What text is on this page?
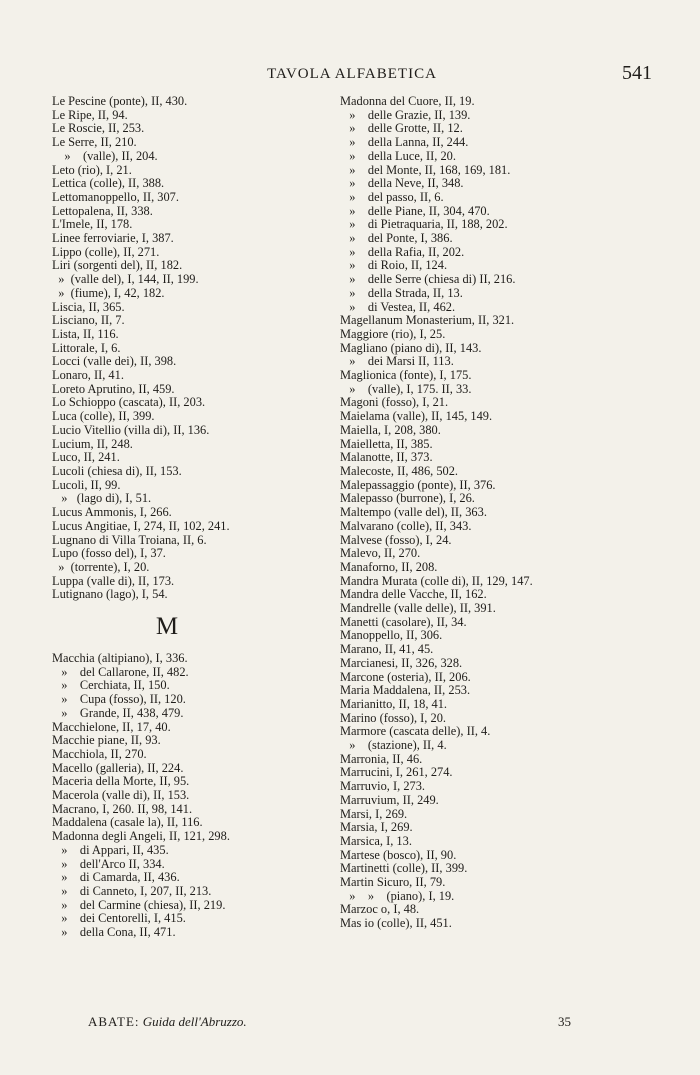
TAVOLA ALFABETICA	541
Le Pescine (ponte), II, 430.
Le Ripe, II, 94.
Le Roscie, II, 253.
Le Serre, II, 210.
»    (valle), II, 204.
Leto (rio), I, 21.
Lettica (colle), II, 388.
Lettomanoppello, II, 307.
Lettopalena, II, 338.
L'Imele, II, 178.
Linee ferroviarie, I, 387.
Lippo (colle), II, 271.
Liri (sorgenti del), II, 182.
»  (valle del), I, 144, II, 199.
»  (fiume), I, 42, 182.
Liscia, II, 365.
Lisciano, II, 7.
Lista, II, 116.
Littorale, I, 6.
Locci (valle dei), II, 398.
Lonaro, II, 41.
Loreto Aprutino, II, 459.
Lo Schioppo (cascata), II, 203.
Luca (colle), II, 399.
Lucio Vitellio (villa di), II, 136.
Lucium, II, 248.
Luco, II, 241.
Lucoli (chiesa di), II, 153.
Lucoli, II, 99.
»   (lago di), I, 51.
Lucus Ammonis, I, 266.
Lucus Angitiae, I, 274, II, 102, 241.
Lugnano di Villa Troiana, II, 6.
Lupo (fosso del), I, 37.
»  (torrente), I, 20.
Luppa (valle di), II, 173.
Lutignano (lago), I, 54.
M
Macchia (altipiano), I, 336.
»    del Callarone, II, 482.
»    Cerchiata, II, 150.
»    Cupa (fosso), II, 120.
»    Grande, II, 438, 479.
Macchielone, II, 17, 40.
Macchie piane, II, 93.
Macchiola, II, 270.
Macello (galleria), II, 224.
Maceria della Morte, II, 95.
Macerola (valle di), II, 153.
Macrano, I, 260. II, 98, 141.
Maddalena (casale la), II, 116.
Madonna degli Angeli, II, 121, 298.
»    di Appari, II, 435.
»    dell'Arco II, 334.
»    di Camarda, II, 436.
»    di Canneto, I, 207, II, 213.
»    del Carmine (chiesa), II, 219.
»    dei Centorelli, I, 415.
»    della Cona, II, 471.
Madonna del Cuore, II, 19.
»    delle Grazie, II, 139.
»    delle Grotte, II, 12.
»    della Lanna, II, 244.
»    della Luce, II, 20.
»    del Monte, II, 168, 169, 181.
»    della Neve, II, 348.
»    del passo, II, 6.
»    delle Piane, II, 304, 470.
»    di Pietraquaria, II, 188, 202.
»    del Ponte, I, 386.
»    della Rafia, II, 202.
»    di Roio, II, 124.
»    delle Serre (chiesa di) II, 216.
»    della Strada, II, 13.
»    di Vestea, II, 462.
Magellanum Monasterium, II, 321.
Maggiore (rio), I, 25.
Magliano (piano di), II, 143.
»    dei Marsi II, 113.
Maglionica (fonte), I, 175.
»    (valle), I, 175. II, 33.
Magoni (fosso), I, 21.
Maielama (valle), II, 145, 149.
Maiella, I, 208, 380.
Maielletta, II, 385.
Malanotte, II, 373.
Malecoste, II, 486, 502.
Malepassaggio (ponte), II, 376.
Malepasso (burrone), I, 26.
Maltempo (valle del), II, 363.
Malvarano (colle), II, 343.
Malvese (fosso), I, 24.
Malevo, II, 270.
Manaforno, II, 208.
Mandra Murata (colle di), II, 129, 147.
Mandra delle Vacche, II, 162.
Mandrelle (valle delle), II, 391.
Manetti (casolare), II, 34.
Manoppello, II, 306.
Marano, II, 41, 45.
Marcianesi, II, 326, 328.
Marcone (osteria), II, 206.
Maria Maddalena, II, 253.
Marianitto, II, 18, 41.
Marino (fosso), I, 20.
Marmore (cascata delle), II, 4.
»    (stazione), II, 4.
Marronia, II, 46.
Marrucini, I, 261, 274.
Marruvio, I, 273.
Marruvium, II, 249.
Marsi, I, 269.
Marsia, I, 269.
Marsica, I, 13.
Martese (bosco), II, 90.
Martinetti (colle), II, 399.
Martin Sicuro, II, 79.
»    »    (piano), I, 19.
Marzoc o, I, 48.
Mas io (colle), II, 451.
ABATE: Guida dell'Abruzzo.	35
